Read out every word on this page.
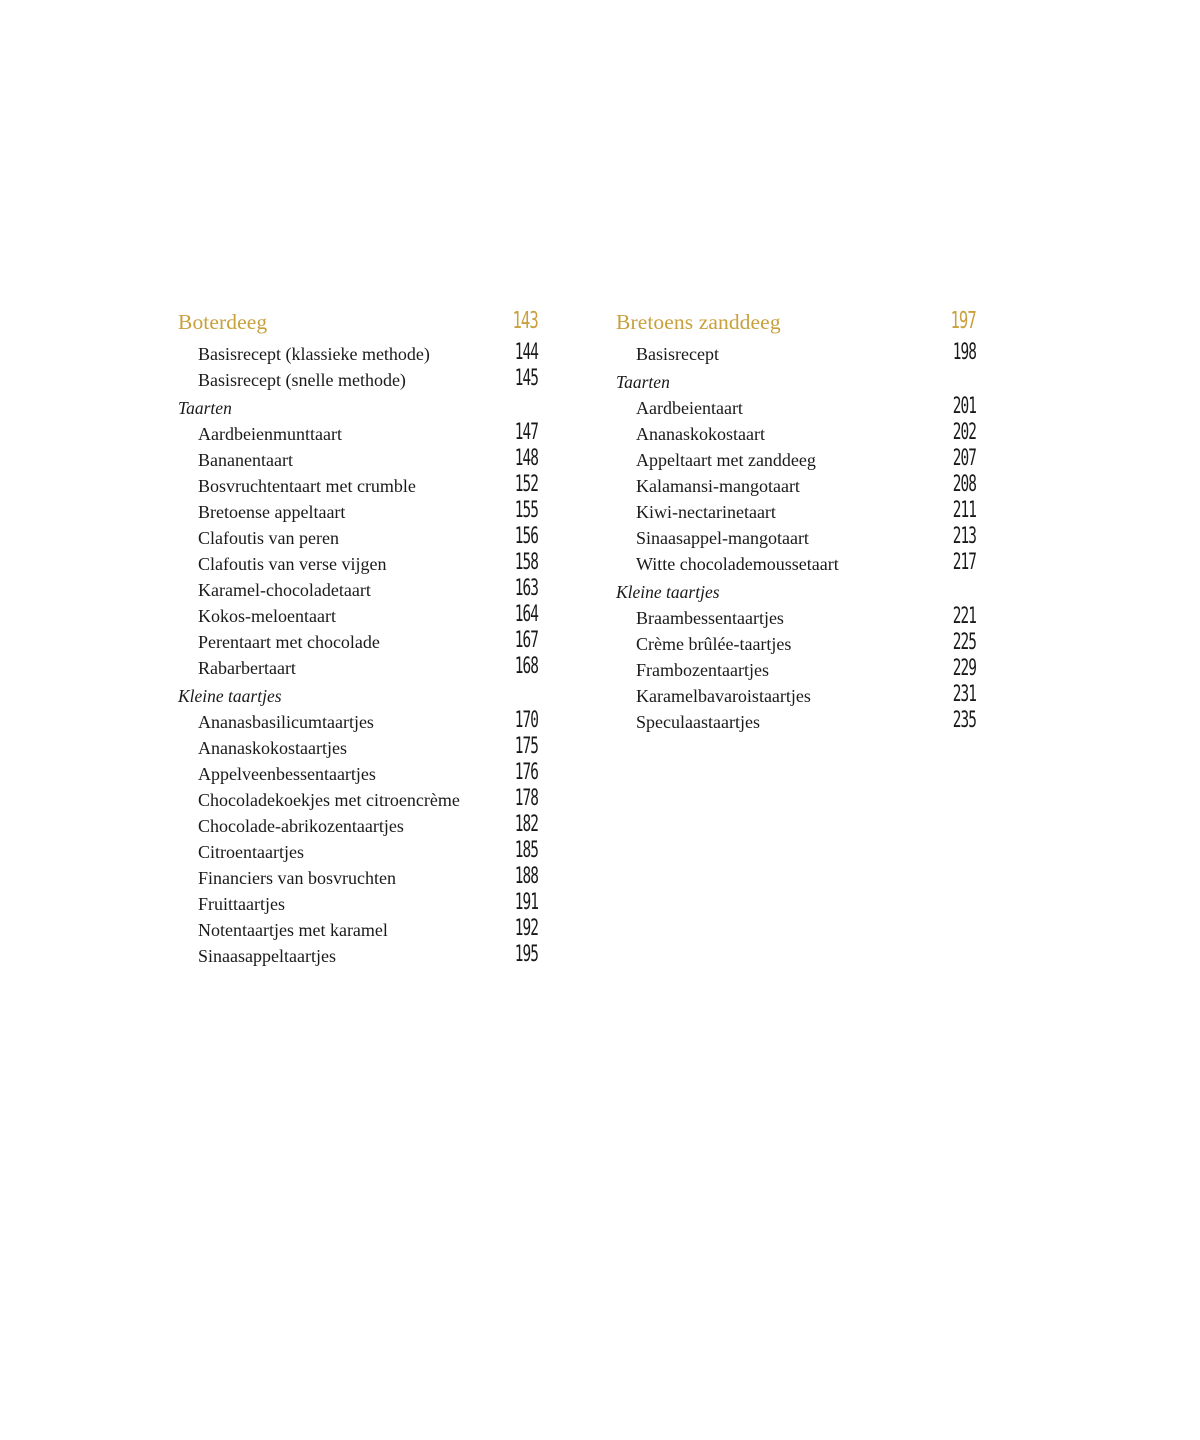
Boterdeeg	143
Basisrecept (klassieke methode)	144
Basisrecept (snelle methode)	145
Taarten
Aardbeienmunttaart	147
Bananentaart	148
Bosvruchtentaart met crumble	152
Bretoense appeltaart	155
Clafoutis van peren	156
Clafoutis van verse vijgen	158
Karamel-chocoladetaart	163
Kokos-meloentaart	164
Perentaart met chocolade	167
Rabarbertaart	168
Kleine taartjes
Ananasbasilicumtaartjes	170
Ananaskokostaartjes	175
Appelveenbessentaartjes	176
Chocoladekoekjes met citroencrème	178
Chocolade-abrikozentaartjes	182
Citroentaartjes	185
Financiers van bosvruchten	188
Fruittaartjes	191
Notentaartjes met karamel	192
Sinaasappeltaartjes	195
Bretoens zanddeeg	197
Basisrecept	198
Taarten
Aardbeientaart	201
Ananaskokostaart	202
Appeltaart met zanddeeg	207
Kalamansi-mangotaart	208
Kiwi-nectarinetaart	211
Sinaasappel-mangotaart	213
Witte chocolademoussetaart	217
Kleine taartjes
Braambessentaartjes	221
Crème brûlée-taartjes	225
Frambozentaartjes	229
Karamelbavaroistaartjes	231
Speculaastaartjes	235
